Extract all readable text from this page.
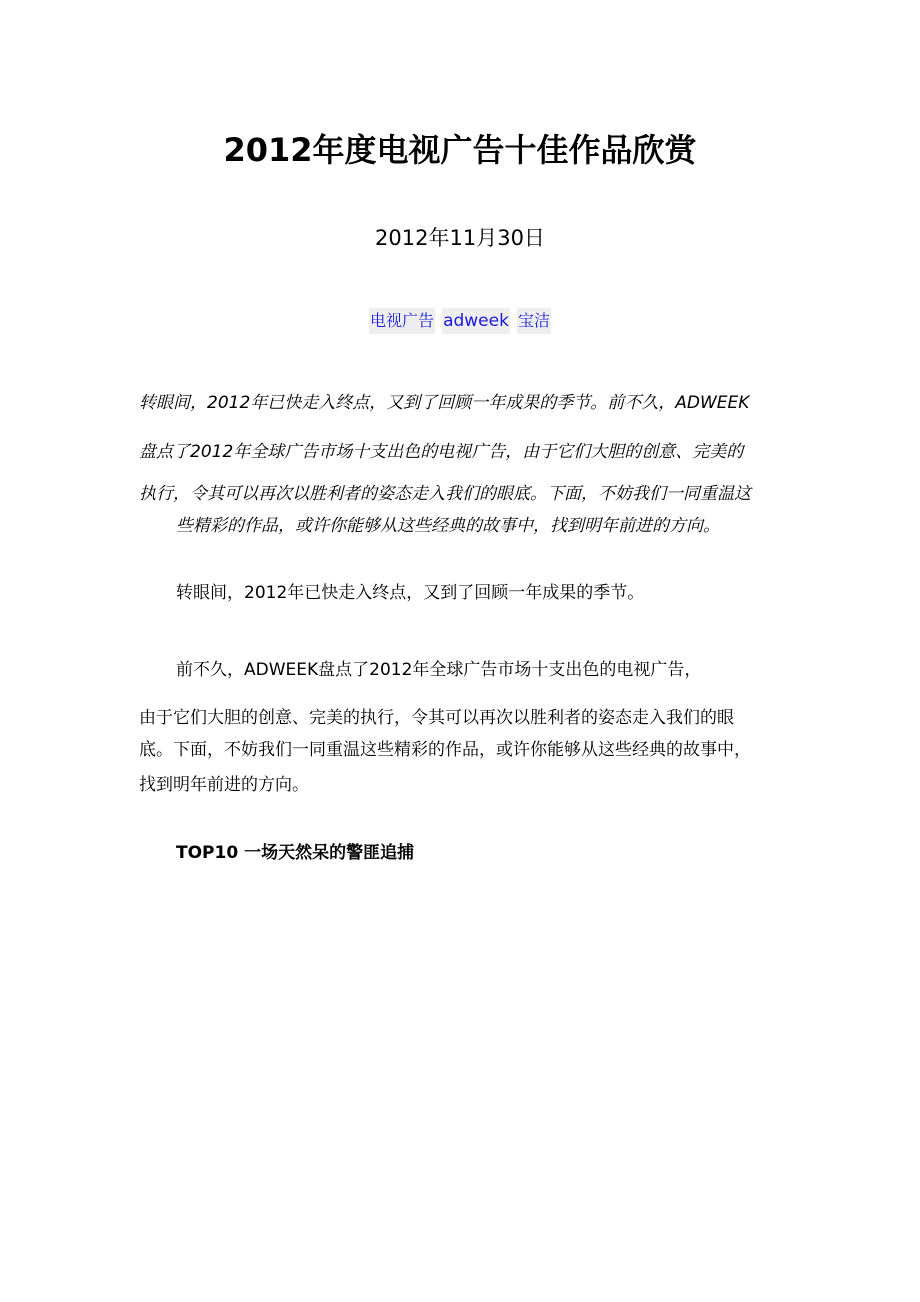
2012年度电视广告十佳作品欣赏
2012年11月30日
电视广告 adweek 宝洁
转眼间，2012年已快走入终点，又到了回顾一年成果的季节。前不久，ADWEEK
盘点了2012年全球广告市场十支出色的电视广告，由于它们大胆的创意、完美的
执行，令其可以再次以胜利者的姿态走入我们的眼底。下面，不妨我们一同重温这
些精彩的作品，或许你能够从这些经典的故事中，找到明年前进的方向。
转眼间，2012年已快走入终点，又到了回顾一年成果的季节。
前不久，ADWEEK盘点了2012年全球广告市场十支出色的电视广告，
由于它们大胆的创意、完美的执行，令其可以再次以胜利者的姿态走入我们的眼
底。下面，不妨我们一同重温这些精彩的作品，或许你能够从这些经典的故事中，
找到明年前进的方向。
TOP10 一场天然呆的警匪追捕
